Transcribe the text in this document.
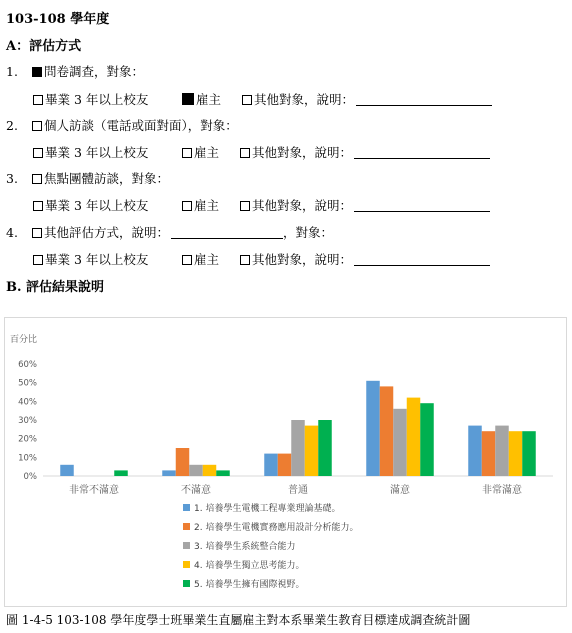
103-108 學年度
A：評估方式
1. 問卷調查，對象：
畢業 3 年以上校友	雇主	其他對象，說明：
2. 個人訪談（電話或面對面），對象：
畢業 3 年以上校友	雇主	其他對象，說明：
3. 焦點團體訪談，對象：
畢業 3 年以上校友	雇主	其他對象，說明：
4. 其他評估方式，說明：	，對象：
畢業 3 年以上校友	雇主	其他對象，說明：
B. 評估結果說明
百分比
0%
10%
20%
30%
40%
50%
60%
非常不滿意	不滿意	普通	滿意	非常滿意
1. 培養學生電機工程專業理論基礎。
2. 培養學生電機實務應用設計分析能力。
3. 培養學生系統整合能力
4. 培養學生獨立思考能力。
5. 培養學生擁有國際視野。
圖 1-4-5 103-108 學年度學士班畢業生直屬雇主對本系畢業生教育目標達成調查統計圖
